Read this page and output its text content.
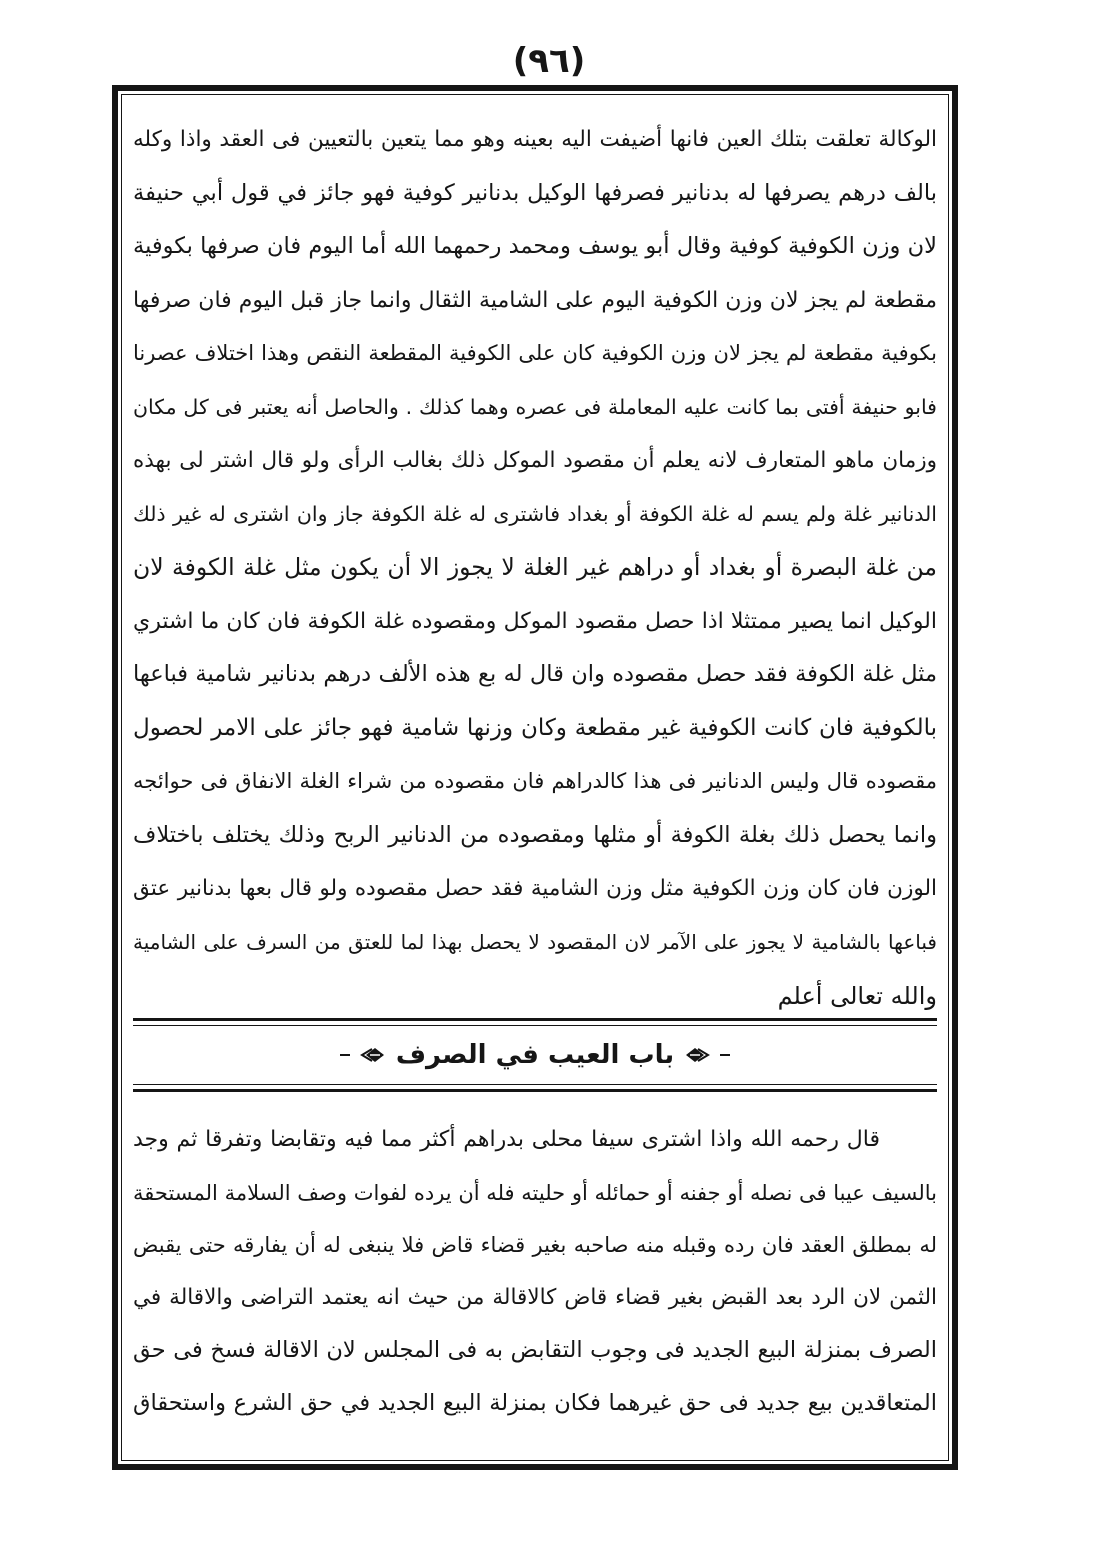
(٩٦)
الوكالة تعلقت بتلك العين فانها أضيفت اليه بعينه وهو مما يتعين بالتعيين فى العقد واذا وكله
بالف درهم يصرفها له بدنانير فصرفها الوكيل بدنانير كوفية فهو جائز في قول أبي حنيفة
لان وزن الكوفية كوفية وقال أبو يوسف ومحمد رحمهما الله أما اليوم فان صرفها بكوفية
مقطعة لم يجز لان وزن الكوفية اليوم على الشامية الثقال وانما جاز قبل اليوم فان صرفها
بكوفية مقطعة لم يجز لان وزن الكوفية كان على الكوفية المقطعة النقص وهذا اختلاف عصرنا
فابو حنيفة أفتى بما كانت عليه المعاملة فى عصره وهما كذلك . والحاصل أنه يعتبر فى كل مكان
وزمان ماهو المتعارف لانه يعلم أن مقصود الموكل ذلك بغالب الرأى ولو قال اشتر لى بهذه
الدنانير غلة ولم يسم له غلة الكوفة أو بغداد فاشترى له غلة الكوفة جاز وان اشترى له غير ذلك
من غلة البصرة أو بغداد أو دراهم غير الغلة لا يجوز الا أن يكون مثل غلة الكوفة لان
الوكيل انما يصير ممتثلا اذا حصل مقصود الموكل ومقصوده غلة الكوفة فان كان ما اشتري
مثل غلة الكوفة فقد حصل مقصوده وان قال له بع هذه الألف درهم بدنانير شامية فباعها
بالكوفية فان كانت الكوفية غير مقطعة وكان وزنها شامية فهو جائز على الامر لحصول
مقصوده قال وليس الدنانير فى هذا كالدراهم فان مقصوده من شراء الغلة الانفاق فى حوائجه
وانما يحصل ذلك بغلة الكوفة أو مثلها ومقصوده من الدنانير الربح وذلك يختلف باختلاف
الوزن فان كان وزن الكوفية مثل وزن الشامية فقد حصل مقصوده ولو قال بعها بدنانير عتق
فباعها بالشامية لا يجوز على الآمر لان المقصود لا يحصل بهذا لما للعتق من السرف على الشامية
والله تعالى أعلم
باب العيب في الصرف
قال رحمه الله واذا اشترى سيفا محلى بدراهم أكثر مما فيه وتقابضا وتفرقا ثم وجد
بالسيف عيبا فى نصله أو جفنه أو حمائله أو حليته فله أن يرده لفوات وصف السلامة المستحقة
له بمطلق العقد فان رده وقبله منه صاحبه بغير قضاء قاض فلا ينبغى له أن يفارقه حتى يقبض
الثمن لان الرد بعد القبض بغير قضاء قاض كالاقالة من حيث انه يعتمد التراضى والاقالة في
الصرف بمنزلة البيع الجديد فى وجوب التقابض به فى المجلس لان الاقالة فسخ فى حق
المتعاقدين بيع جديد فى حق غيرهما فكان بمنزلة البيع الجديد في حق الشرع واستحقاق
